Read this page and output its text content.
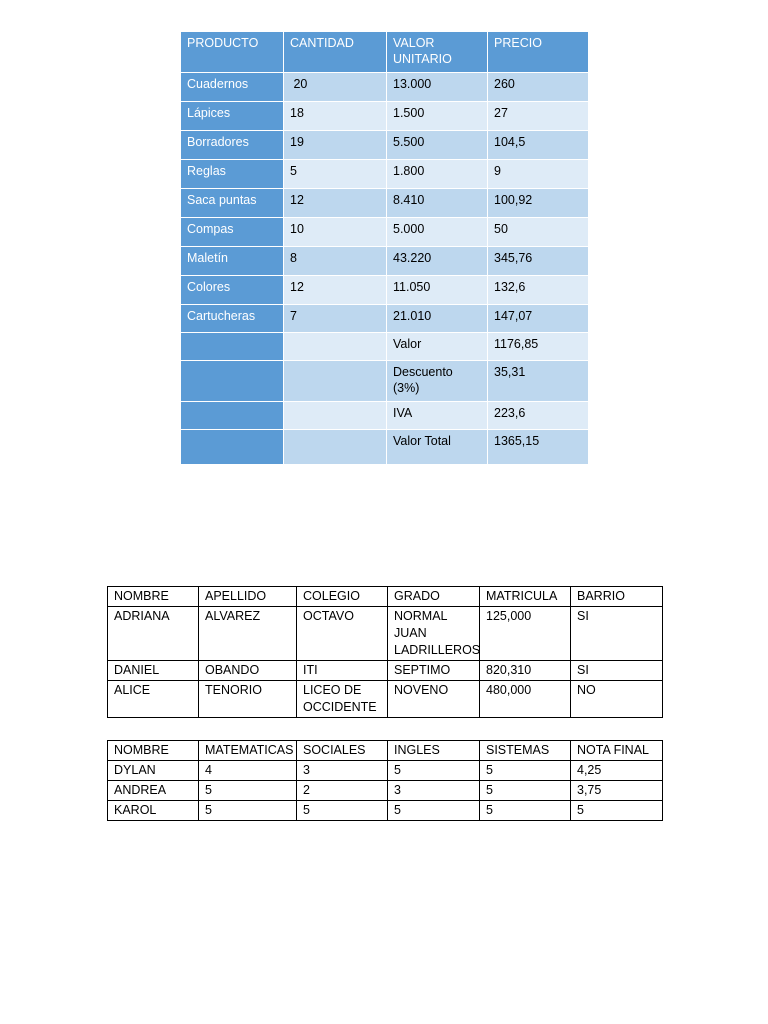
PRODUCTO	CANTIDAD	VALOR UNITARIO	PRECIO
Cuadernos	20	13.000	260
Lápices	18	1.500	27
Borradores	19	5.500	104,5
Reglas	5	1.800	9
Saca puntas	12	8.410	100,92
Compas	10	5.000	50
Maletín	8	43.220	345,76
Colores	12	11.050	132,6
Cartucheras	7	21.010	147,07
		Valor	1176,85
		Descuento (3%)	35,31
		IVA	223,6
		Valor Total	1365,15
NOMBRE	APELLIDO	COLEGIO	GRADO	MATRICULA	BARRIO
ADRIANA	ALVAREZ	OCTAVO	NORMAL JUAN LADRILLEROS	125,000	SI
DANIEL	OBANDO	ITI	SEPTIMO	820,310	SI
ALICE	TENORIO	LICEO DE OCCIDENTE	NOVENO	480,000	NO
NOMBRE	MATEMATICAS	SOCIALES	INGLES	SISTEMAS	NOTA FINAL
DYLAN	4	3	5	5	4,25
ANDREA	5	2	3	5	3,75
KAROL	5	5	5	5	5
